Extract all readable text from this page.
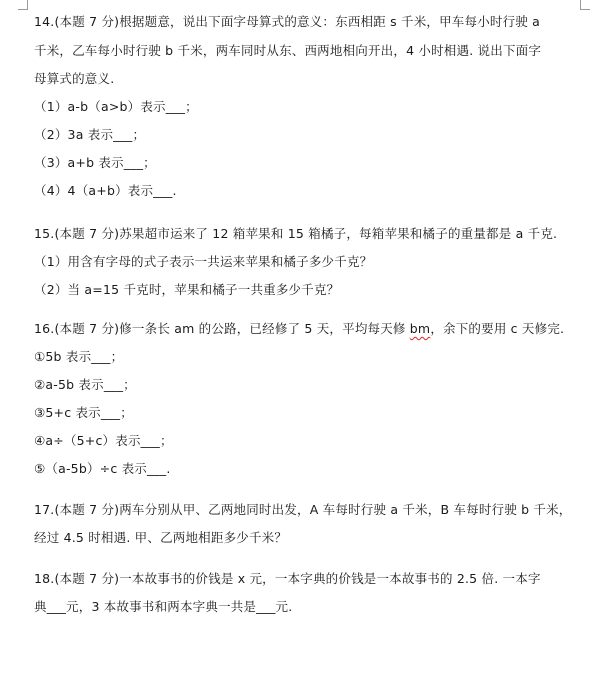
14.(本题 7 分)根据题意，说出下面字母算式的意义：东西相距 s 千米，甲车每小时行驶 a
千米，乙车每小时行驶 b 千米，两车同时从东、西两地相向开出，4 小时相遇. 说出下面字
母算式的意义.
（1）a-b（a>b）表示___；
（2）3a 表示___；
（3）a+b 表示___；
（4）4（a+b）表示___.
15.(本题 7 分)苏果超市运来了 12 箱苹果和 15 箱橘子，每箱苹果和橘子的重量都是 a 千克.
（1）用含有字母的式子表示一共运来苹果和橘子多少千克？
（2）当 a=15 千克时，苹果和橘子一共重多少千克？
16.(本题 7 分)修一条长 am 的公路，已经修了 5 天，平均每天修 bm，余下的要用 c 天修完.
①5b 表示___；
②a-5b 表示___；
③5+c 表示___；
④a÷（5+c）表示___；
⑤（a-5b）÷c 表示___.
17.(本题 7 分)两车分别从甲、乙两地同时出发，A 车每时行驶 a 千米，B 车每时行驶 b 千米，
经过 4.5 时相遇. 甲、乙两地相距多少千米？
18.(本题 7 分)一本故事书的价钱是 x 元，一本字典的价钱是一本故事书的 2.5 倍. 一本字
典___元，3 本故事书和两本字典一共是___元.
